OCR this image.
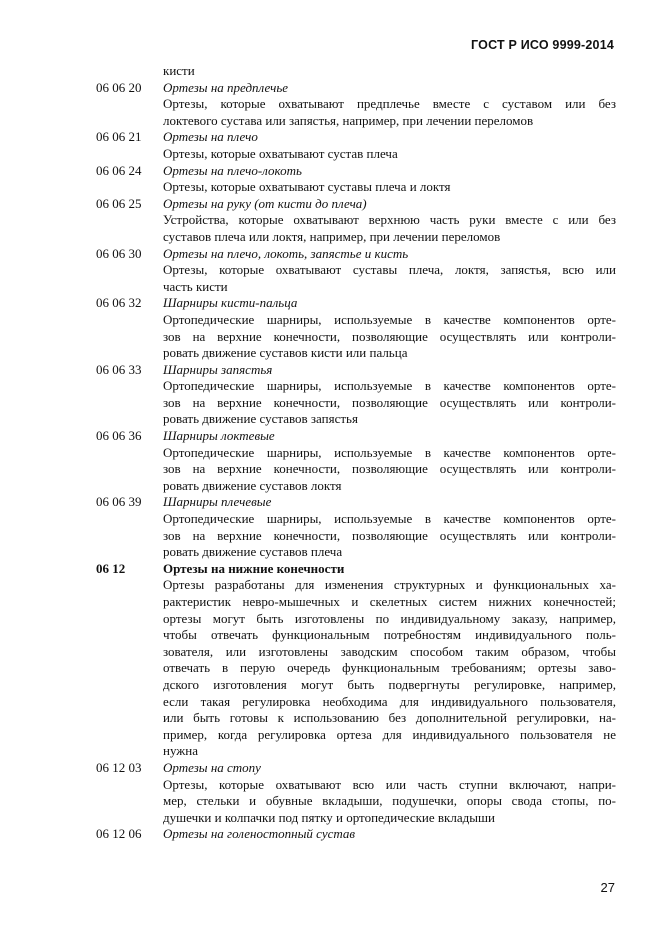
ГОСТ Р ИСО 9999-2014
кисти
06 06 20	Ортезы на предплечье
Ортезы, которые охватывают предплечье вместе с суставом или без
локтевого сустава или запястья, например, при лечении переломов
06 06 21	Ортезы на плечо
Ортезы, которые охватывают сустав плеча
06 06 24	Ортезы на плечо-локоть
Ортезы, которые охватывают суставы плеча и локтя
06 06 25	Ортезы на руку (от кисти до плеча)
Устройства, которые охватывают верхнюю часть руки вместе с или без
суставов плеча или локтя, например, при лечении переломов
06 06 30	Ортезы на плечо, локоть, запястье и кисть
Ортезы, которые охватывают суставы плеча, локтя, запястья, всю или
часть кисти
06 06 32	Шарниры кисти-пальца
Ортопедические шарниры, используемые в качестве компонентов ортe-
зов на верхние конечности, позволяющие осуществлять или контроли-
ровать движение суставов кисти или пальца
06 06 33	Шарниры запястья
Ортопедические шарниры, используемые в качестве компонентов ортe-
зов на верхние конечности, позволяющие осуществлять или контроли-
ровать движение суставов запястья
06 06 36	Шарниры локтевые
Ортопедические шарниры, используемые в качестве компонентов ортe-
зов на верхние конечности, позволяющие осуществлять или контроли-
ровать движение суставов локтя
06 06 39	Шарниры плечевые
Ортопедические шарниры, используемые в качестве компонентов ортe-
зов на верхние конечности, позволяющие осуществлять или контроли-
ровать движение суставов плеча
06 12	Ортезы на нижние конечности
Ортезы разработаны для изменения структурных и функциональных ха-
рактеристик невро-мышечных и скелетных систем нижних конечностей;
ортезы могут быть изготовлены по индивидуальному заказу, например,
чтобы отвечать функциональным потребностям индивидуального поль-
зователя, или изготовлены заводским способом таким образом, чтобы
отвечать в перую очередь функциональным требованиям; ортезы заво-
дского изготовления могут быть подвергнуты регулировке, например,
если такая регулировка необходима для индивидуального пользователя,
или быть готовы к использованию без дополнительной регулировки, на-
пример, когда регулировка ортеза для индивидуального пользователя не
нужна
06 12 03	Ортезы на стопу
Ортезы, которые охватывают всю или часть ступни включают, напри-
мер, стельки и обувные вкладыши, подушечки, опоры свода стопы, по-
душечки и колпачки под пятку и ортопедические вкладыши
06 12 06	Ортезы на голеностопный сустав
27
